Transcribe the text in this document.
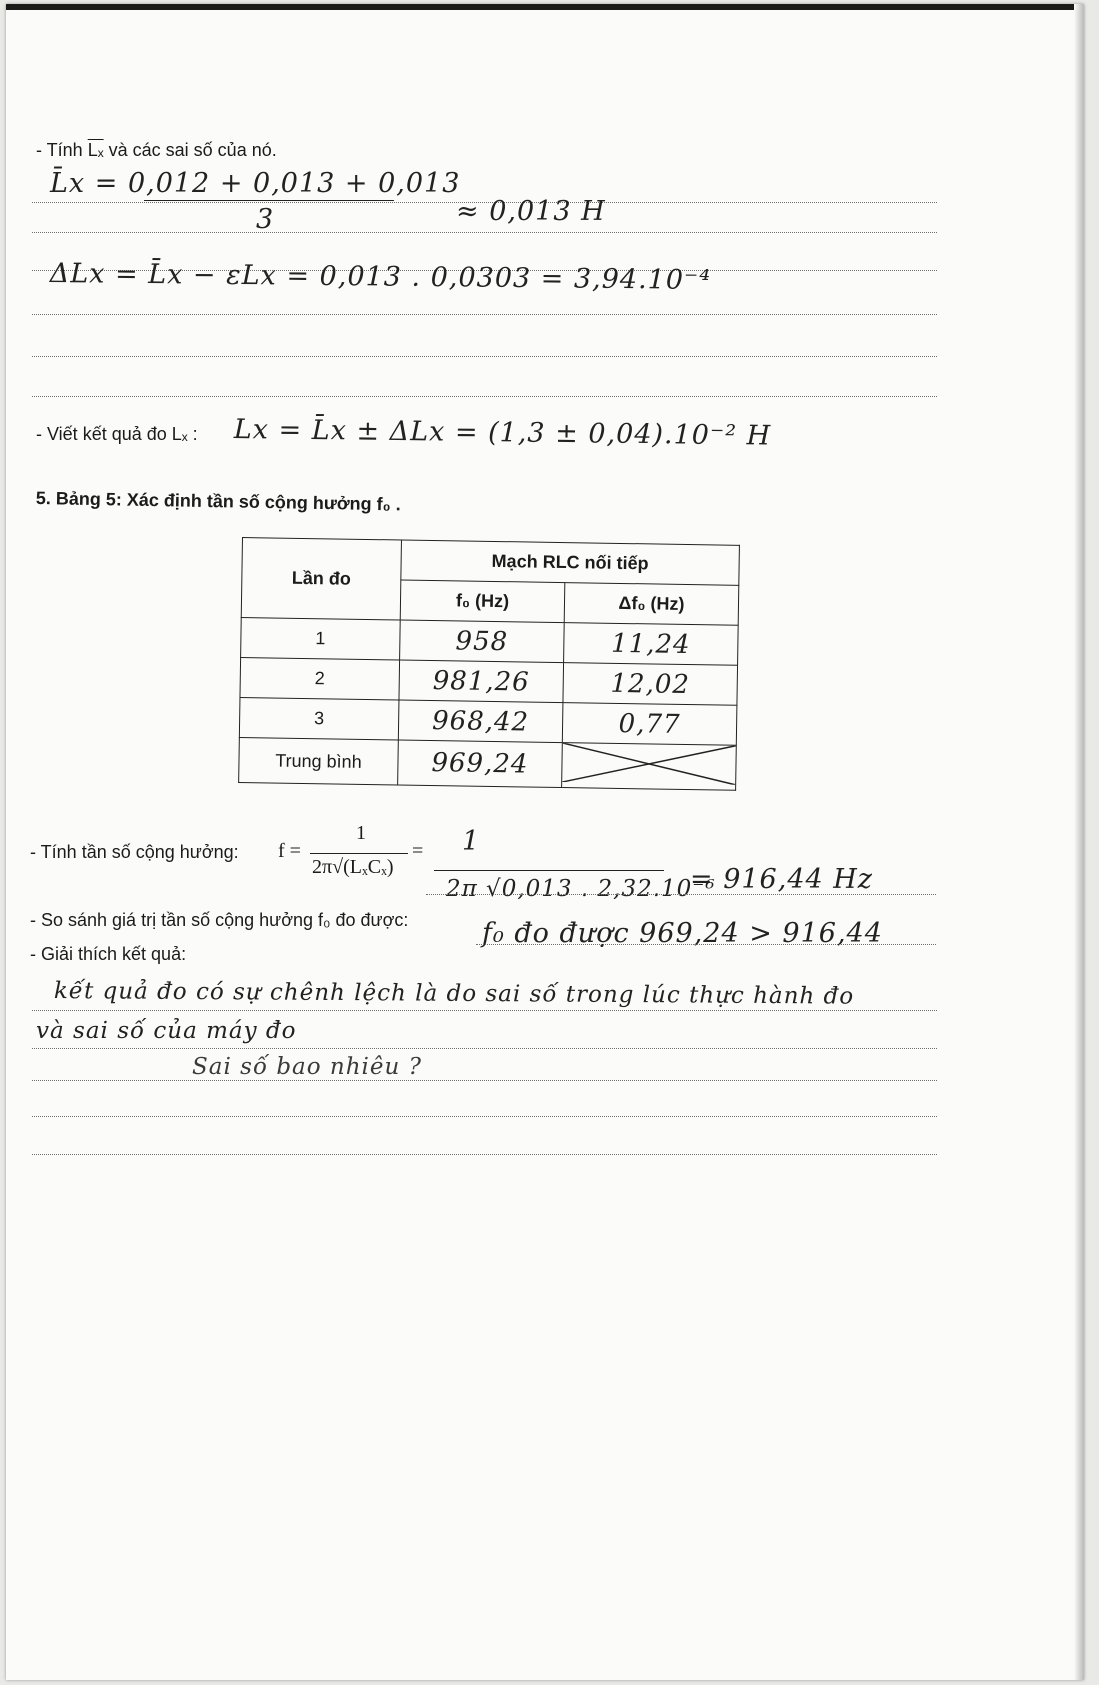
- Tính $\overline{L_x}$ và các sai số của nó.
L̄x = 0,012 + 0,013 + 0,013
3	≈ 0,013 H
ΔLx = L̄x − εLx = 0,013 . 0,0303 = 3,94.10⁻⁴
- Viết kết quả đo Lₓ : Lx = L̄x ± ΔLx = (1,3 ± 0,04).10⁻² H
5. Bảng 5: Xác định tần số cộng hưởng f₀ .
Lần đo	Mạch RLC nối tiếp	
	f₀ (Hz)	Δf₀ (Hz)
1	958	11,24
2	981,26	12,02
3	968,42	0,77
Trung bình	969,24	
- Tính tần số cộng hưởng: f =
1
2π√(LₓCₓ)
= 1
2π √0,013 . 2,32.10⁻⁶
= 916,44 Hz
- So sánh giá trị tần số cộng hưởng f₀ đo được:	f₀ đo được 969,24 > 916,44
- Giải thích kết quả:
kết quả đo có sự chênh lệch là do sai số trong lúc thực hành đo
và sai số của máy đo
Sai số bao nhiêu ?
